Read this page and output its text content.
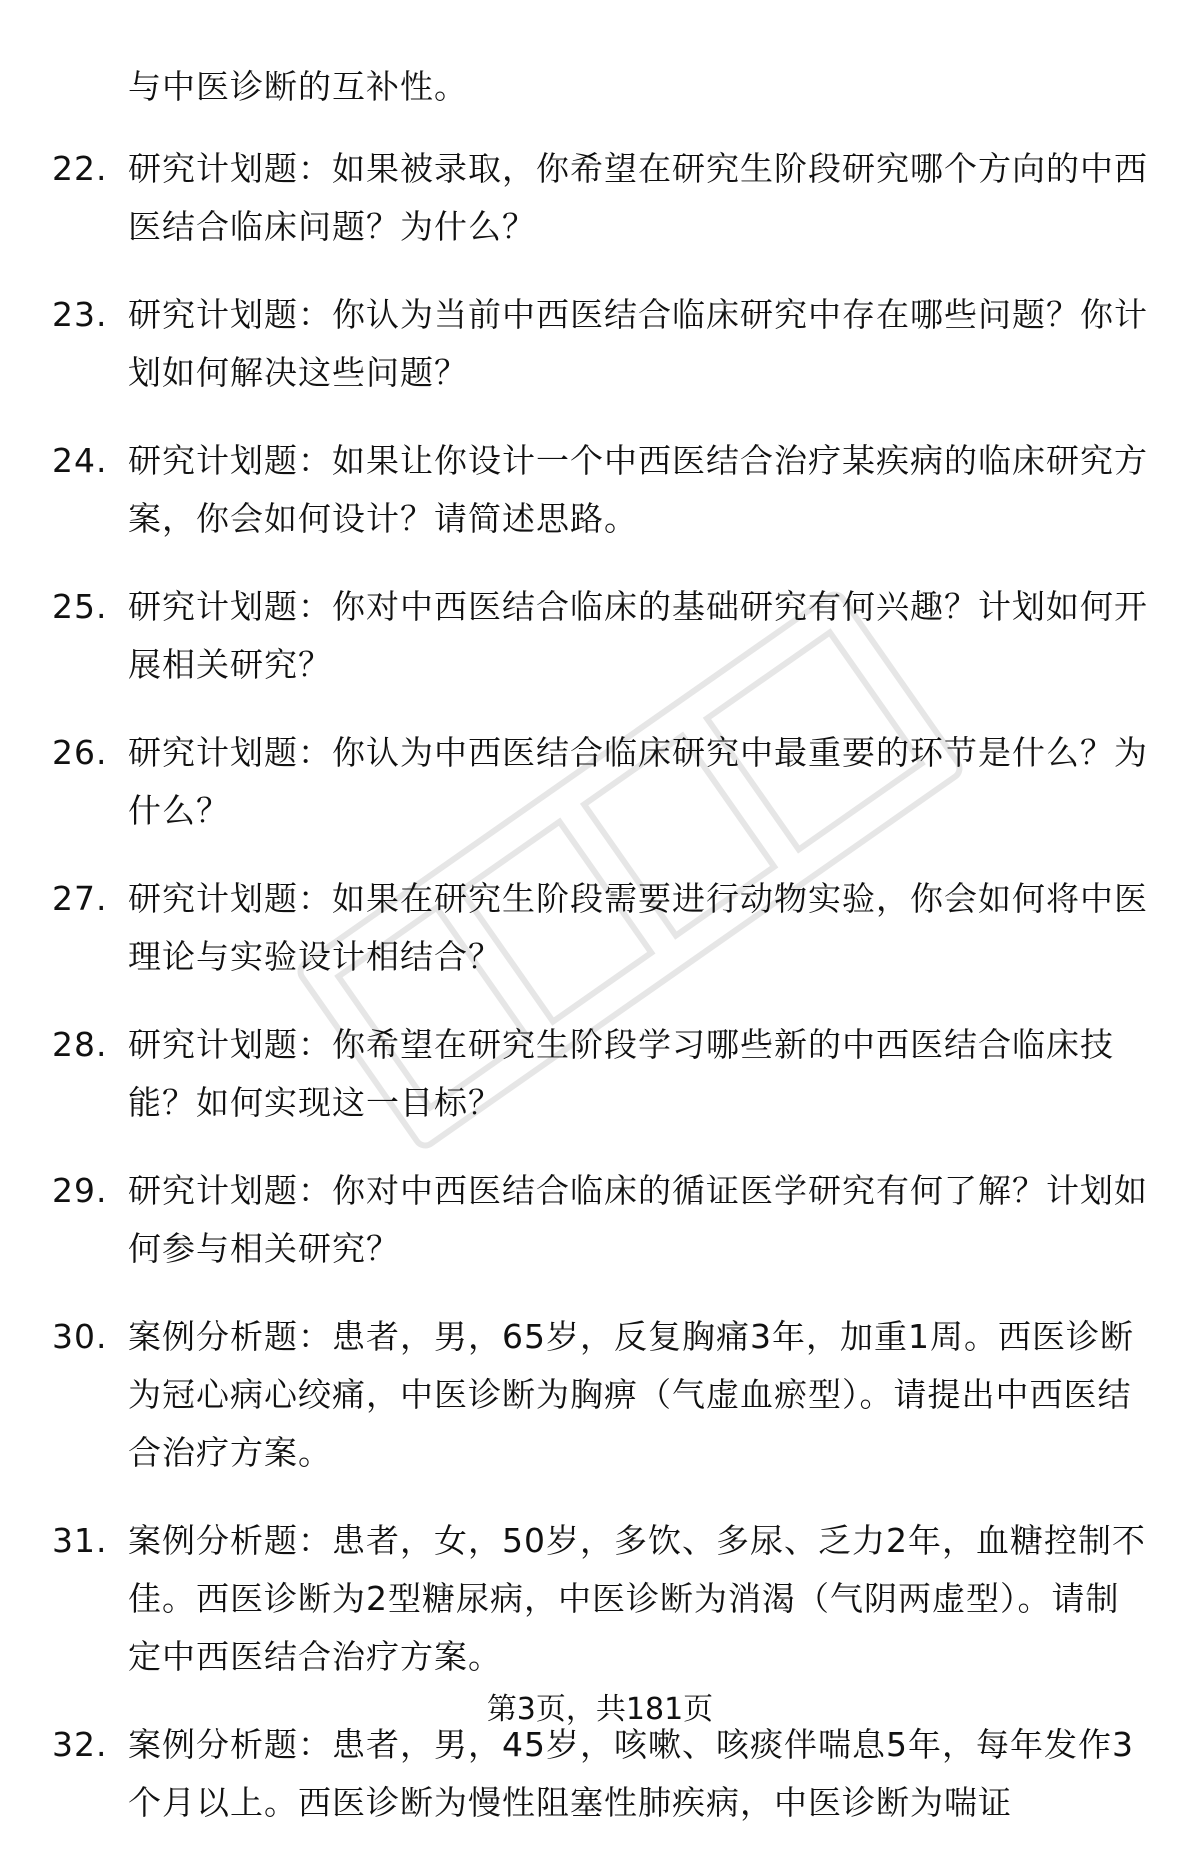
与中医诊断的互补性。
22. 研究计划题：如果被录取，你希望在研究生阶段研究哪个方向的中西医结合临床问题？为什么？
23. 研究计划题：你认为当前中西医结合临床研究中存在哪些问题？你计划如何解决这些问题？
24. 研究计划题：如果让你设计一个中西医结合治疗某疾病的临床研究方案，你会如何设计？请简述思路。
25. 研究计划题：你对中西医结合临床的基础研究有何兴趣？计划如何开展相关研究？
26. 研究计划题：你认为中西医结合临床研究中最重要的环节是什么？为什么？
27. 研究计划题：如果在研究生阶段需要进行动物实验，你会如何将中医理论与实验设计相结合？
28. 研究计划题：你希望在研究生阶段学习哪些新的中西医结合临床技能？如何实现这一目标？
29. 研究计划题：你对中西医结合临床的循证医学研究有何了解？计划如何参与相关研究？
30. 案例分析题：患者，男，65岁，反复胸痛3年，加重1周。西医诊断为冠心病心绞痛，中医诊断为胸痹（气虚血瘀型）。请提出中西医结合治疗方案。
31. 案例分析题：患者，女，50岁，多饮、多尿、乏力2年，血糖控制不佳。西医诊断为2型糖尿病，中医诊断为消渴（气阴两虚型）。请制定中西医结合治疗方案。
32. 案例分析题：患者，男，45岁，咳嗽、咳痰伴喘息5年，每年发作3个月以上。西医诊断为慢性阻塞性肺疾病，中医诊断为喘证
第3页，共181页
